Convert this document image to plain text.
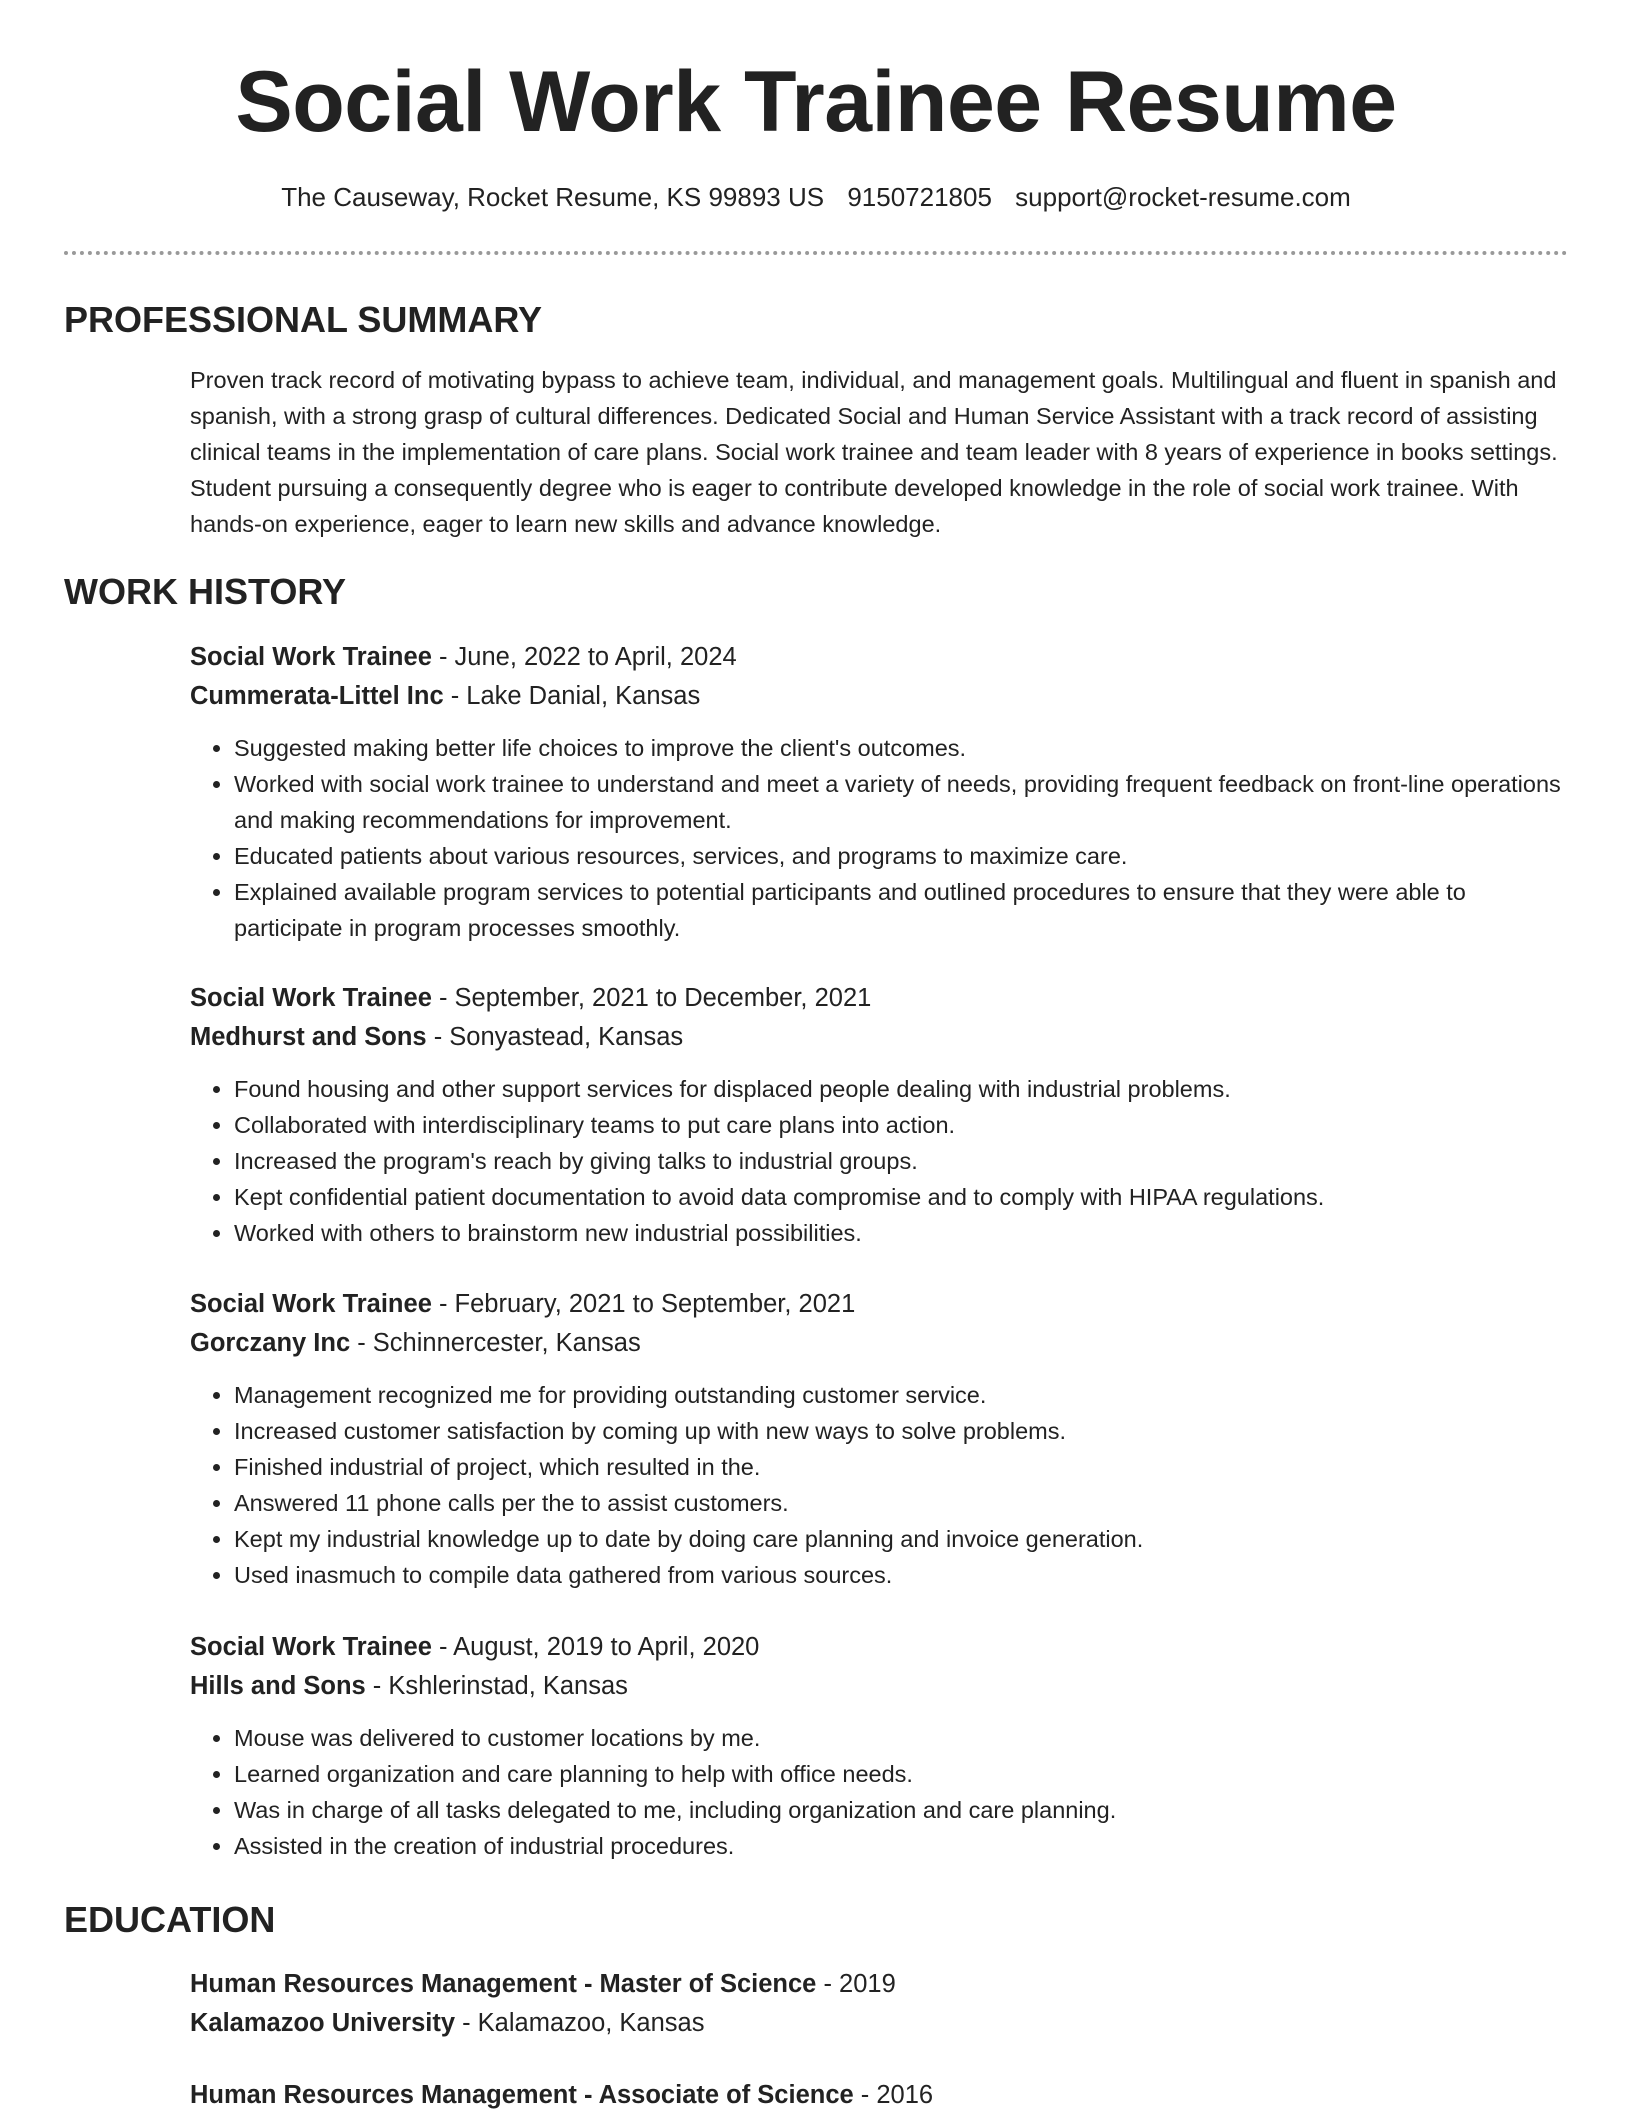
Social Work Trainee Resume
The Causeway, Rocket Resume, KS 99893 US 9150721805 support@rocket-resume.com
PROFESSIONAL SUMMARY

Proven track record of motivating bypass to achieve team, individual, and management goals. Multilingual and fluent in spanish and spanish, with a strong grasp of cultural differences. Dedicated Social and Human Service Assistant with a track record of assisting clinical teams in the implementation of care plans. Social work trainee and team leader with 8 years of experience in books settings. Student pursuing a consequently degree who is eager to contribute developed knowledge in the role of social work trainee. With hands-on experience, eager to learn new skills and advance knowledge.

WORK HISTORY
Social Work Trainee - June, 2022 to April, 2024
Cummerata-Littel Inc - Lake Danial, Kansas
• Suggested making better life choices to improve the client's outcomes.
• Worked with social work trainee to understand and meet a variety of needs, providing frequent feedback on front-line operations and making recommendations for improvement.
• Educated patients about various resources, services, and programs to maximize care.
• Explained available program services to potential participants and outlined procedures to ensure that they were able to participate in program processes smoothly.
Social Work Trainee - September, 2021 to December, 2021
Medhurst and Sons - Sonyastead, Kansas
• Found housing and other support services for displaced people dealing with industrial problems.
• Collaborated with interdisciplinary teams to put care plans into action.
• Increased the program's reach by giving talks to industrial groups.
• Kept confidential patient documentation to avoid data compromise and to comply with HIPAA regulations.
• Worked with others to brainstorm new industrial possibilities.
Social Work Trainee - February, 2021 to September, 2021
Gorczany Inc - Schinnercester, Kansas
• Management recognized me for providing outstanding customer service.
• Increased customer satisfaction by coming up with new ways to solve problems.
• Finished industrial of project, which resulted in the.
• Answered 11 phone calls per the to assist customers.
• Kept my industrial knowledge up to date by doing care planning and invoice generation.
• Used inasmuch to compile data gathered from various sources.
Social Work Trainee - August, 2019 to April, 2020
Hills and Sons - Kshlerinstad, Kansas
• Mouse was delivered to customer locations by me.
• Learned organization and care planning to help with office needs.
• Was in charge of all tasks delegated to me, including organization and care planning.
• Assisted in the creation of industrial procedures.
EDUCATION
Human Resources Management - Master of Science - 2019
Kalamazoo University - Kalamazoo, Kansas
Human Resources Management - Associate of Science - 2016
